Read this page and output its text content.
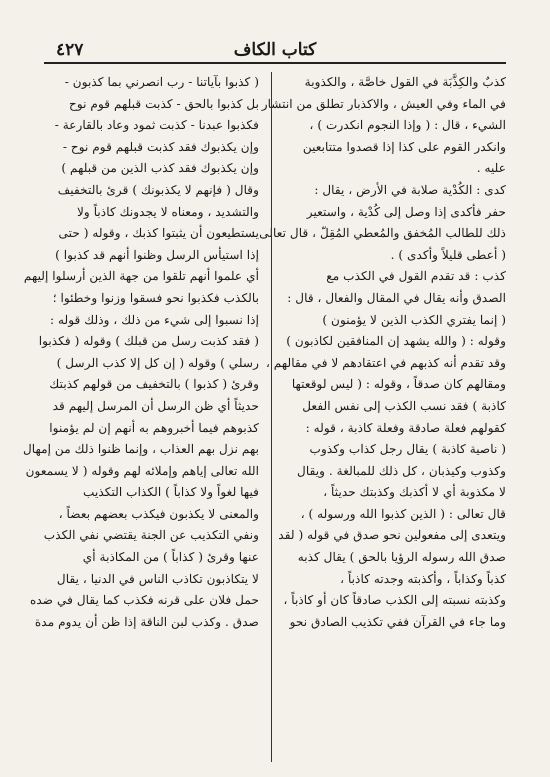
كتاب الكاف
٤٢٧
كذبٌ والكِذَّبَة في القول خاصَّة ، والكذوبة
في الماء وفي العيش ، والاكذبار تطلق من انتشار
الشيء ، قال : ( وإذا النجوم انكدرت ) ،
وانكدر القوم على كذا إذا قصدوا متتابعين
عليه .
كدى : الكُدْية صلابة في الأرض ، يقال :
حفر فأكدى إذا وصل إلى كُدْية ، واستعير
ذلك للطالب المُخفق والمُعطي المُقِلّ ، قال تعالى :
( أعطى قليلاً وأكدى ) .
كذب : قد تقدم القول في الكذب مع
الصدق وأنه يقال في المقال والفعال ، قال :
( إنما يفتري الكذب الذين لا يؤمنون )
وقوله : ( والله يشهد إن المنافقين لكاذبون )
وقد تقدم أنه كذبهم في اعتقادهم لا في مقالهم ،
ومقالهم كان صدقاً ، وقوله : ( ليس لوقعتها
كاذبة ) فقد نسب الكذب إلى نفس الفعل
كقولهم فعلة صادقة وفعلة كاذبة ، قوله :
( ناصية كاذبة ) يقال رجل كذاب وكذوب
وكذوب وكيذبان ، كل ذلك للمبالغة . ويقال
لا مكذوبة أي لا أكذبك وكذبتك حديثاً ،
قال تعالى : ( الذين كذبوا الله ورسوله ) ،
ويتعدى إلى مفعولين نحو صدق في قوله ( لقد
صدق الله رسوله الرؤيا بالحق ) يقال كذبه
كذباً وكذاباً ، وأكذبته وجدته كاذباً ،
وكذبته نسبته إلى الكذب صادقاً كان أو كاذباً ،
وما جاء في القرآن ففي تكذيب الصادق نحو
( كذبوا بآياتنا - رب انصرني بما كذبون -
بل كذبوا بالحق - كذبت قبلهم قوم نوح
فكذبوا عبدنا - كذبت ثمود وعاد بالقارعة -
وإن يكذبوك فقد كذبت قبلهم قوم نوح -
وإن يكذبوك فقد كذب الذين من قبلهم )
وقال ( فإنهم لا يكذبونك ) قرئ بالتخفيف
والتشديد ، ومعناه لا يجدونك كاذباً ولا
يستطيعون أن يثبتوا كذبك ، وقوله ( حتى
إذا استيأس الرسل وظنوا أنهم قد كذبوا )
أي علموا أنهم تلقوا من جهة الذين أرسلوا إليهم
بالكذب فكذبوا نحو فسقوا وزنوا وخطئوا ؛
إذا نسبوا إلى شيء من ذلك ، وذلك قوله :
( فقد كذبت رسل من قبلك ) وقوله ( فكذبوا
رسلي ) وقوله ( إن كل إلا كذب الرسل )
وقرئ ( كذبوا ) بالتخفيف من قولهم كذبتك
حديثاً أي ظن الرسل أن المرسل إليهم قد
كذبوهم فيما أخبروهم به أنهم إن لم يؤمنوا
بهم نزل بهم العذاب ، وإنما ظنوا ذلك من إمهال
الله تعالى إياهم وإملائه لهم وقوله ( لا يسمعون
فيها لغواً ولا كذاباً ) الكذاب التكذيب
والمعنى لا يكذبون فيكذب بعضهم بعضاً ،
ونفي التكذيب عن الجنة يقتضي نفي الكذب
عنها وقرئ ( كذاباً ) من المكاذبة أي
لا يتكاذبون تكاذب الناس في الدنيا ، يقال
حمل فلان على قرنه فكذب كما يقال في ضده
صدق . وكذب لبن الناقة إذا ظن أن يدوم مدة
